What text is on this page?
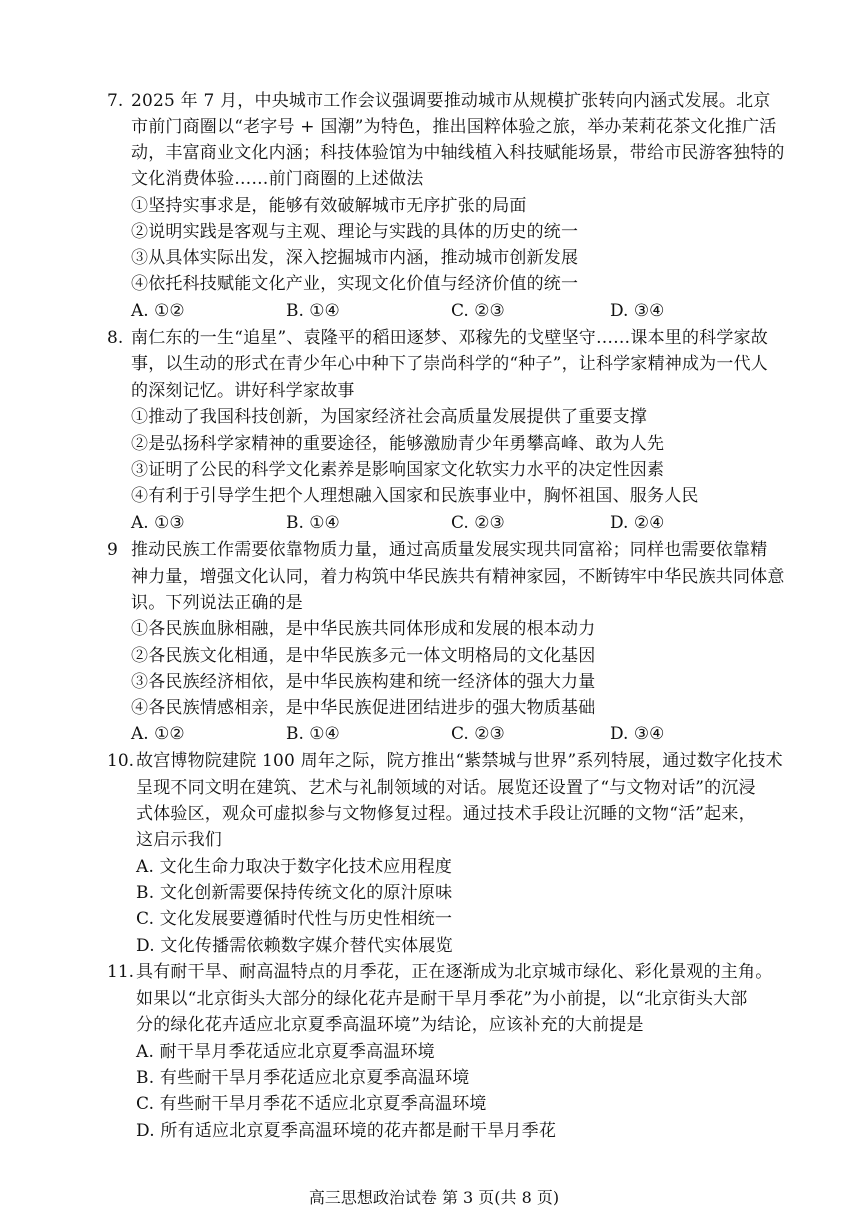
7. 2025 年 7 月，中央城市工作会议强调要推动城市从规模扩张转向内涵式发展。北京
市前门商圈以“老字号 + 国潮”为特色，推出国粹体验之旅，举办茉莉花茶文化推广活
动，丰富商业文化内涵；科技体验馆为中轴线植入科技赋能场景，带给市民游客独特的
文化消费体验……前门商圈的上述做法
①坚持实事求是，能够有效破解城市无序扩张的局面
②说明实践是客观与主观、理论与实践的具体的历史的统一
③从具体实际出发，深入挖掘城市内涵，推动城市创新发展
④依托科技赋能文化产业，实现文化价值与经济价值的统一
A. ①②	B. ①④	C. ②③	D. ③④
8. 南仁东的一生“追星”、袁隆平的稻田逐梦、邓稼先的戈壁坚守……课本里的科学家故
事，以生动的形式在青少年心中种下了崇尚科学的“种子”，让科学家精神成为一代人
的深刻记忆。讲好科学家故事
①推动了我国科技创新，为国家经济社会高质量发展提供了重要支撑
②是弘扬科学家精神的重要途径，能够激励青少年勇攀高峰、敢为人先
③证明了公民的科学文化素养是影响国家文化软实力水平的决定性因素
④有利于引导学生把个人理想融入国家和民族事业中，胸怀祖国、服务人民
A. ①③	B. ①④	C. ②③	D. ②④
9 推动民族工作需要依靠物质力量，通过高质量发展实现共同富裕；同样也需要依靠精
神力量，增强文化认同，着力构筑中华民族共有精神家园，不断铸牢中华民族共同体意
识。下列说法正确的是
①各民族血脉相融，是中华民族共同体形成和发展的根本动力
②各民族文化相通，是中华民族多元一体文明格局的文化基因
③各民族经济相依，是中华民族构建和统一经济体的强大力量
④各民族情感相亲，是中华民族促进团结进步的强大物质基础
A. ①②	B. ①④	C. ②③	D. ③④
10. 故宫博物院建院 100 周年之际，院方推出“紫禁城与世界”系列特展，通过数字化技术
呈现不同文明在建筑、艺术与礼制领域的对话。展览还设置了“与文物对话”的沉浸
式体验区，观众可虚拟参与文物修复过程。通过技术手段让沉睡的文物“活”起来，
这启示我们
A. 文化生命力取决于数字化技术应用程度
B. 文化创新需要保持传统文化的原汁原味
C. 文化发展要遵循时代性与历史性相统一
D. 文化传播需依赖数字媒介替代实体展览
11. 具有耐干旱、耐高温特点的月季花，正在逐渐成为北京城市绿化、彩化景观的主角。
如果以“北京街头大部分的绿化花卉是耐干旱月季花”为小前提，以“北京街头大部
分的绿化花卉适应北京夏季高温环境”为结论，应该补充的大前提是
A. 耐干旱月季花适应北京夏季高温环境
B. 有些耐干旱月季花适应北京夏季高温环境
C. 有些耐干旱月季花不适应北京夏季高温环境
D. 所有适应北京夏季高温环境的花卉都是耐干旱月季花
高三思想政治试卷 第 3 页(共 8 页)
